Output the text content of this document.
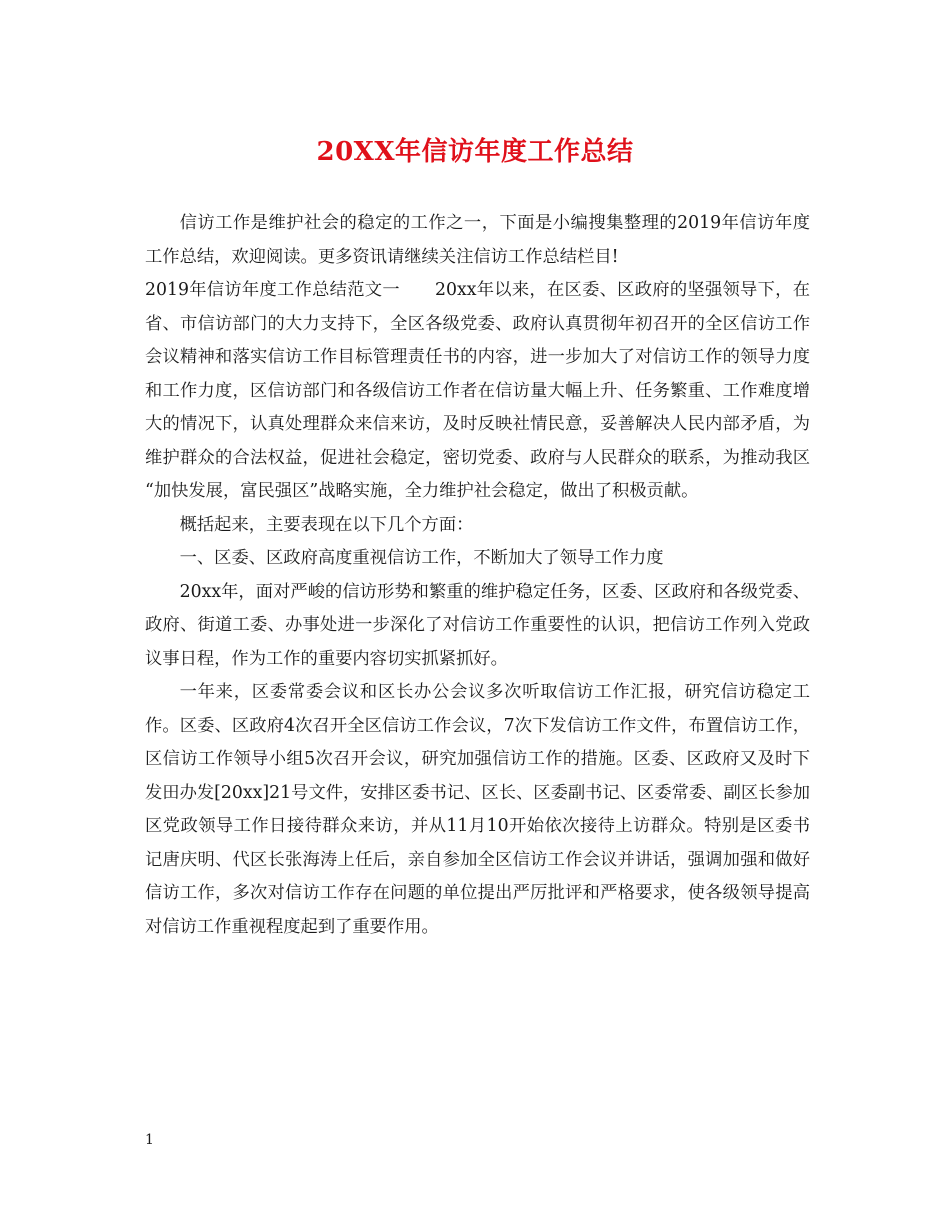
20XX年信访年度工作总结

信访工作是维护社会的稳定的工作之一，下面是小编搜集整理的2019年信访年度工作总结，欢迎阅读。更多资讯请继续关注信访工作总结栏目!

2019年信访年度工作总结范文一　　20xx年以来，在区委、区政府的坚强领导下，在省、市信访部门的大力支持下，全区各级党委、政府认真贯彻年初召开的全区信访工作会议精神和落实信访工作目标管理责任书的内容，进一步加大了对信访工作的领导力度和工作力度，区信访部门和各级信访工作者在信访量大幅上升、任务繁重、工作难度增大的情况下，认真处理群众来信来访，及时反映社情民意，妥善解决人民内部矛盾，为维护群众的合法权益，促进社会稳定，密切党委、政府与人民群众的联系，为推动我区 “加快发展，富民强区”战略实施，全力维护社会稳定，做出了积极贡献。

概括起来，主要表现在以下几个方面：

一、区委、区政府高度重视信访工作，不断加大了领导工作力度

20xx年，面对严峻的信访形势和繁重的维护稳定任务，区委、区政府和各级党委、政府、街道工委、办事处进一步深化了对信访工作重要性的认识，把信访工作列入党政议事日程，作为工作的重要内容切实抓紧抓好。

一年来，区委常委会议和区长办公会议多次听取信访工作汇报，研究信访稳定工作。区委、区政府4次召开全区信访工作会议，7次下发信访工作文件，布置信访工作，区信访工作领导小组5次召开会议，研究加强信访工作的措施。区委、区政府又及时下发田办发[20xx]21号文件，安排区委书记、区长、区委副书记、区委常委、副区长参加区党政领导工作日接待群众来访，并从11月10开始依次接待上访群众。特别是区委书记唐庆明、代区长张海涛上任后，亲自参加全区信访工作会议并讲话，强调加强和做好信访工作，多次对信访工作存在问题的单位提出严厉批评和严格要求，使各级领导提高对信访工作重视程度起到了重要作用。

1
